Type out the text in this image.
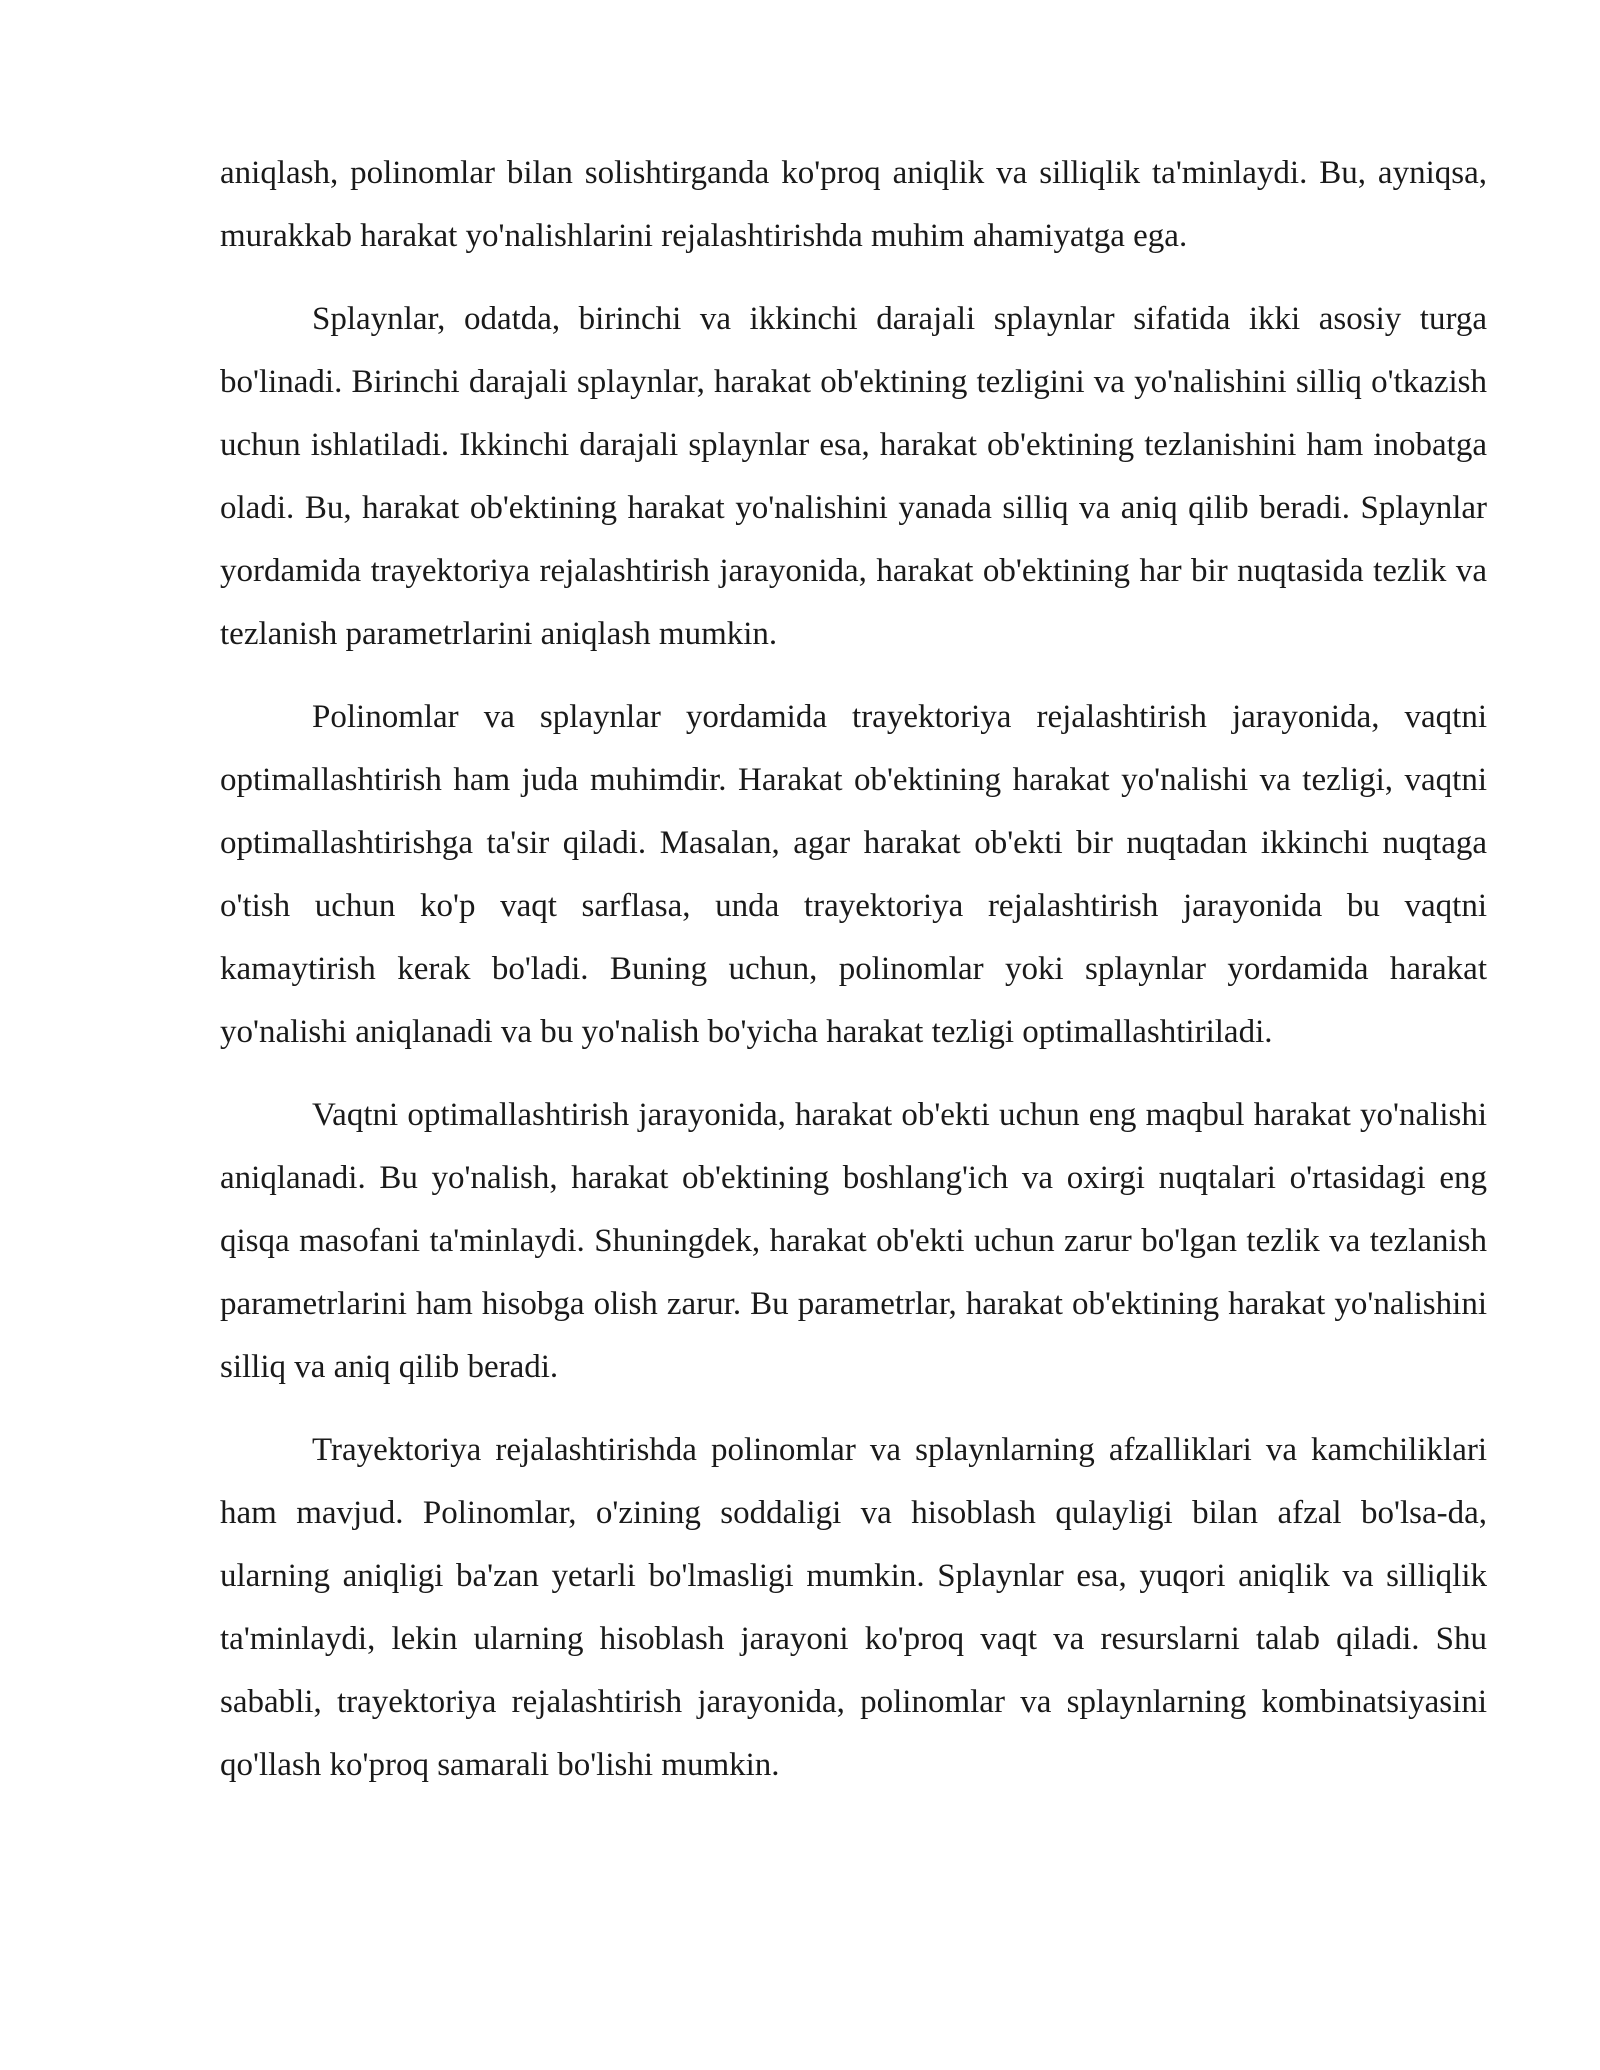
aniqlash, polinomlar bilan solishtirganda ko'proq aniqlik va silliqlik ta'minlaydi. Bu, ayniqsa, murakkab harakat yo'nalishlarini rejalashtirishda muhim ahamiyatga ega.

Splaynlar, odatda, birinchi va ikkinchi darajali splaynlar sifatida ikki asosiy turga bo'linadi. Birinchi darajali splaynlar, harakat ob'ektining tezligini va yo'nalishini silliq o'tkazish uchun ishlatiladi. Ikkinchi darajali splaynlar esa, harakat ob'ektining tezlanishini ham inobatga oladi. Bu, harakat ob'ektining harakat yo'nalishini yanada silliq va aniq qilib beradi. Splaynlar yordamida trayektoriya rejalashtirish jarayonida, harakat ob'ektining har bir nuqtasida tezlik va tezlanish parametrlarini aniqlash mumkin.

Polinomlar va splaynlar yordamida trayektoriya rejalashtirish jarayonida, vaqtni optimallashtirish ham juda muhimdir. Harakat ob'ektining harakat yo'nalishi va tezligi, vaqtni optimallashtirishga ta'sir qiladi. Masalan, agar harakat ob'ekti bir nuqtadan ikkinchi nuqtaga o'tish uchun ko'p vaqt sarflasa, unda trayektoriya rejalashtirish jarayonida bu vaqtni kamaytirish kerak bo'ladi. Buning uchun, polinomlar yoki splaynlar yordamida harakat yo'nalishi aniqlanadi va bu yo'nalish bo'yicha harakat tezligi optimallashtiriladi.

Vaqtni optimallashtirish jarayonida, harakat ob'ekti uchun eng maqbul harakat yo'nalishi aniqlanadi. Bu yo'nalish, harakat ob'ektining boshlang'ich va oxirgi nuqtalari o'rtasidagi eng qisqa masofani ta'minlaydi. Shuningdek, harakat ob'ekti uchun zarur bo'lgan tezlik va tezlanish parametrlarini ham hisobga olish zarur. Bu parametrlar, harakat ob'ektining harakat yo'nalishini silliq va aniq qilib beradi.

Trayektoriya rejalashtirishda polinomlar va splaynlarning afzalliklari va kamchiliklari ham mavjud. Polinomlar, o'zining soddaligi va hisoblash qulayligi bilan afzal bo'lsa-da, ularning aniqligi ba'zan yetarli bo'lmasligi mumkin. Splaynlar esa, yuqori aniqlik va silliqlik ta'minlaydi, lekin ularning hisoblash jarayoni ko'proq vaqt va resurslarni talab qiladi. Shu sababli, trayektoriya rejalashtirish jarayonida, polinomlar va splaynlarning kombinatsiyasini qo'llash ko'proq samarali bo'lishi mumkin.
